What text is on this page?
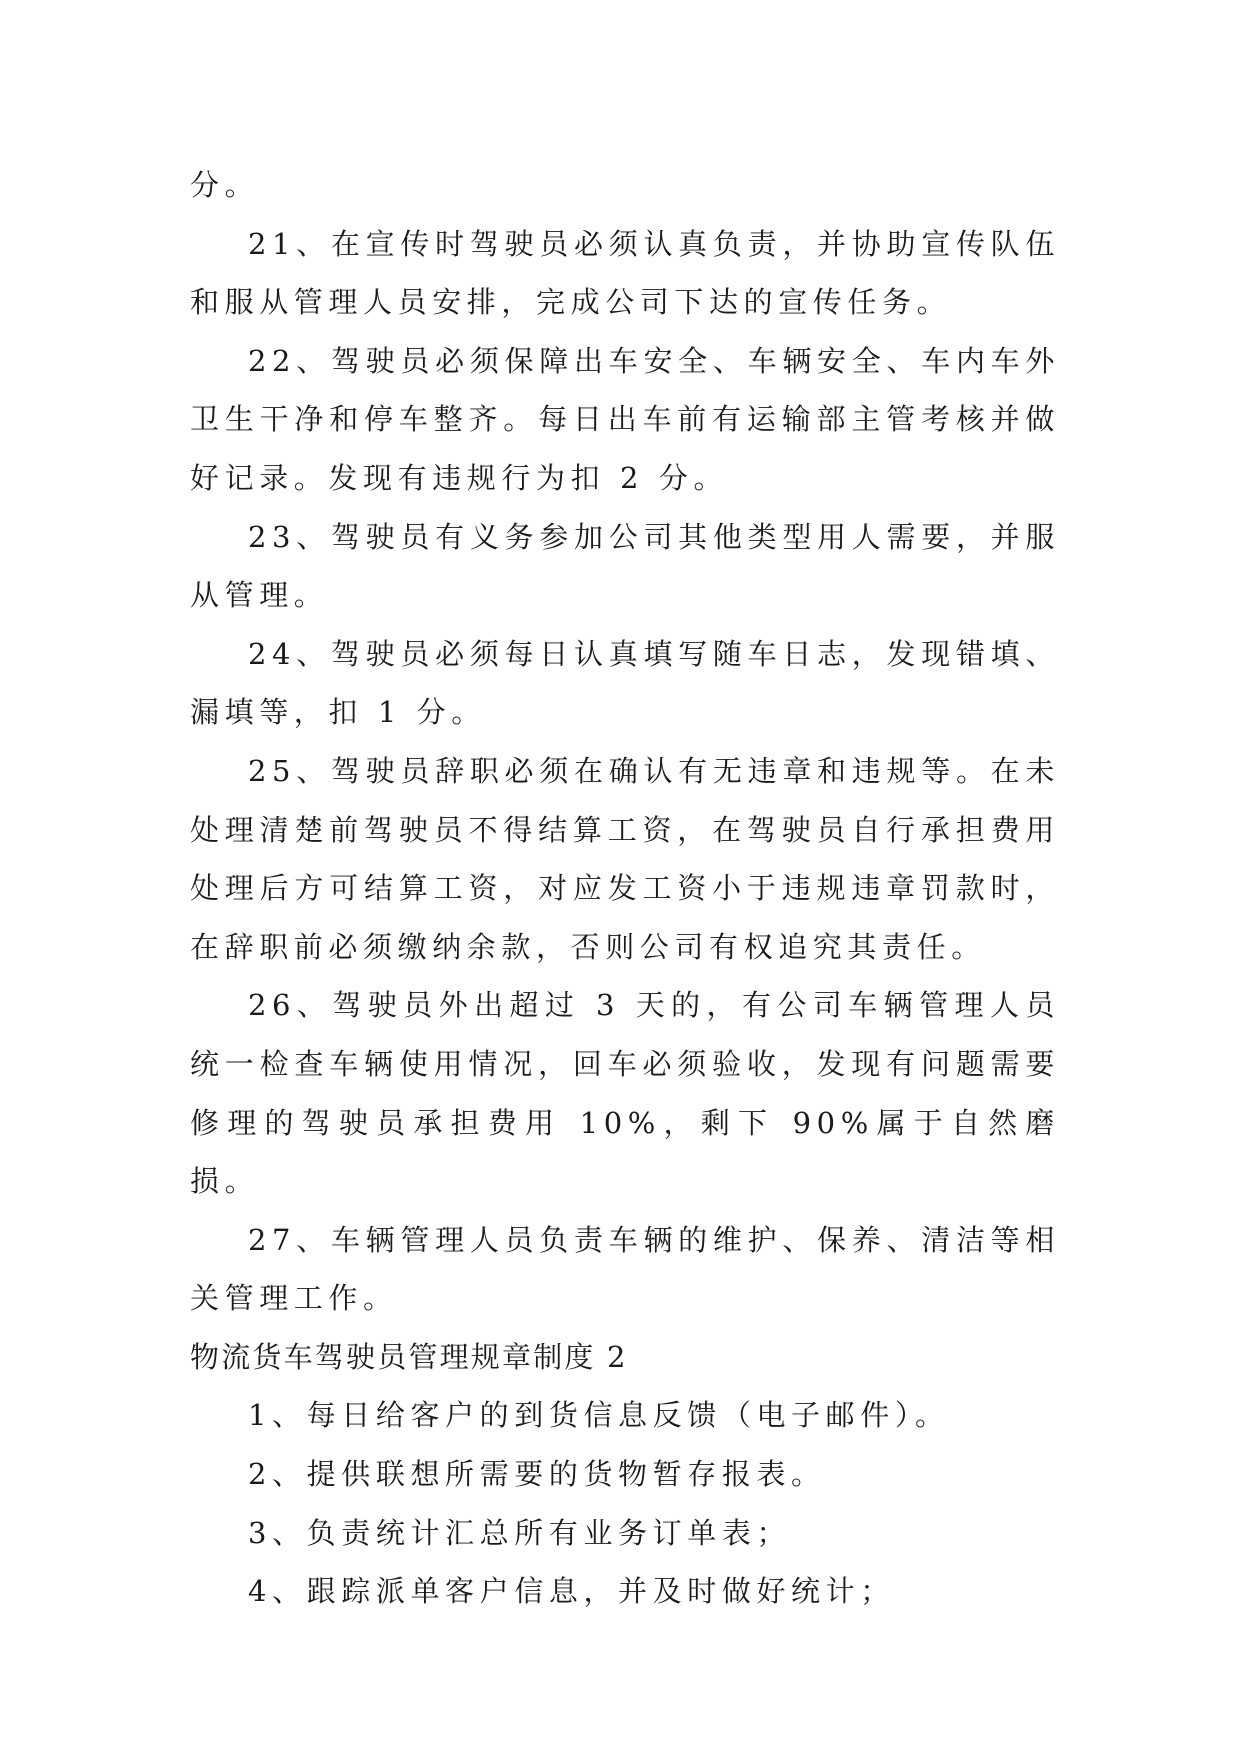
分。

21、在宣传时驾驶员必须认真负责，并协助宣传队伍和服从管理人员安排，完成公司下达的宣传任务。

22、驾驶员必须保障出车安全、车辆安全、车内车外卫生干净和停车整齐。每日出车前有运输部主管考核并做好记录。发现有违规行为扣 2 分。

23、驾驶员有义务参加公司其他类型用人需要，并服从管理。

24、驾驶员必须每日认真填写随车日志，发现错填、漏填等，扣 1 分。

25、驾驶员辞职必须在确认有无违章和违规等。在未处理清楚前驾驶员不得结算工资，在驾驶员自行承担费用处理后方可结算工资，对应发工资小于违规违章罚款时，在辞职前必须缴纳余款，否则公司有权追究其责任。

26、驾驶员外出超过 3 天的，有公司车辆管理人员统一检查车辆使用情况，回车必须验收，发现有问题需要修理的驾驶员承担费用 10%，剩下 90%属于自然磨损。

27、车辆管理人员负责车辆的维护、保养、清洁等相关管理工作。

物流货车驾驶员管理规章制度 2

1、每日给客户的到货信息反馈（电子邮件）。

2、提供联想所需要的货物暂存报表。

3、负责统计汇总所有业务订单表；

4、跟踪派单客户信息，并及时做好统计；
